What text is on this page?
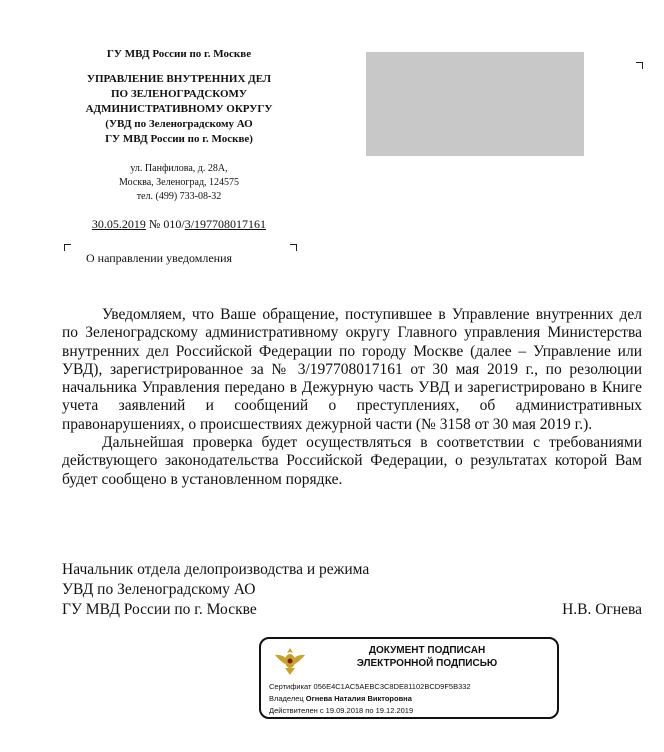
ГУ МВД России по г. Москве
УПРАВЛЕНИЕ ВНУТРЕННИХ ДЕЛ
ПО ЗЕЛЕНОГРАДСКОМУ
АДМИНИСТРАТИВНОМУ ОКРУГУ
(УВД по Зеленоградскому АО
ГУ МВД России по г. Москве)
ул. Панфилова, д. 28А,
Москва, Зеленоград, 124575
тел. (499) 733-08-32
30.05.2019 № 010/3/197708017161
О направлении уведомления

Уведомляем, что Ваше обращение, поступившее в Управление внутренних дел по Зеленоградскому административному округу Главного управления Министерства внутренних дел Российской Федерации по городу Москве (далее – Управление или УВД), зарегистрированное за № 3/197708017161 от 30 мая 2019 г., по резолюции начальника Управления передано в Дежурную часть УВД и зарегистрировано в Книге учета заявлений и сообщений о преступлениях, об административных правонарушениях, о происшествиях дежурной части (№ 3158 от 30 мая 2019 г.).

Дальнейшая проверка будет осуществляться в соответствии с требованиями действующего законодательства Российской Федерации, о результатах которой Вам будет сообщено в установленном порядке.

Начальник отдела делопроизводства и режима
УВД по Зеленоградскому АО
ГУ МВД России по г. Москве	Н.В. Огнева
ДОКУМЕНТ ПОДПИСАН
ЭЛЕКТРОННОЙ ПОДПИСЬЮ
Сертификат 056E4C1AC5AEBC3C8DE81102BCD9F5B332
Владелец Огнева Наталия Викторовна
Действителен с 19.09.2018 по 19.12.2019
